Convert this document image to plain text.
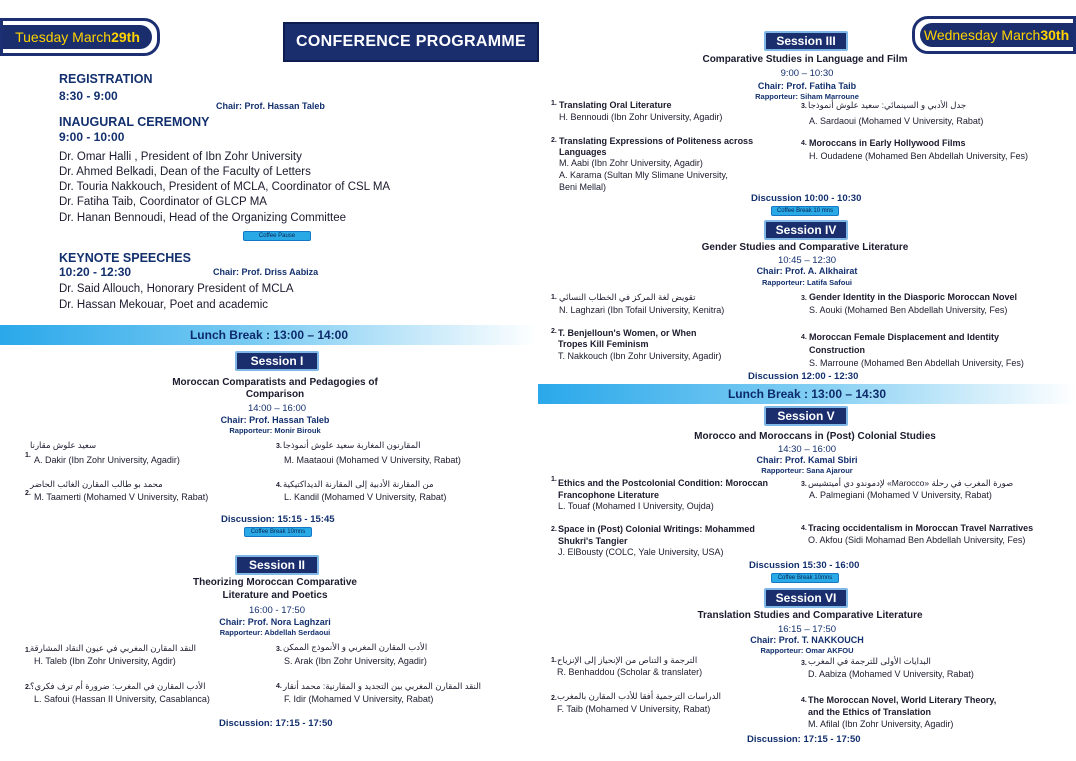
Tuesday March 29th	CONFERENCE PROGRAMME	Wednesday March 30th
REGISTRATION
8:30 - 9:00
Chair: Prof. Hassan Taleb
INAUGURAL CEREMONY
9:00 - 10:00
Dr. Omar Halli , President of Ibn Zohr University
Dr. Ahmed Belkadi, Dean of the Faculty of Letters
Dr. Touria Nakkouch, President of MCLA, Coordinator of CSL MA
Dr. Fatiha Taib, Coordinator of GLCP MA
Dr. Hanan Bennoudi, Head of the Organizing Committee
Coffee Pause
KEYNOTE SPEECHES
10:20 - 12:30	Chair: Prof. Driss Aabiza
Dr. Said Allouch, Honorary President of MCLA
Dr. Hassan Mekouar, Poet and academic
Lunch Break : 13:00 – 14:00
Session I
Moroccan Comparatists and Pedagogies of
Comparison
14:00 – 16:00
Chair: Prof. Hassan Taleb
Rapporteur: Monir Birouk
1.
سعيد علوش مقارنا
A. Dakir (Ibn Zohr University, Agadir)
3. المقارنون المغاربة سعيد علوش أنموذجا
M. Maataoui (Mohamed V University, Rabat)
2.
محمد بو طالب المقارن الغائب الحاضر
M. Taamerti (Mohamed V University, Rabat)
4. من المقارنة الأدبية إلى المقارنة الديداكتيكية
L. Kandil (Mohamed V University, Rabat)
Discussion: 15:15 - 15:45
Coffee Break 10mns
Session II
Theorizing Moroccan Comparative
Literature and Poetics
16:00 - 17:50
Chair: Prof. Nora Laghzari
Rapporteur: Abdellah Serdaoui
1. النقد المقارن المغربي في عيون النقاد المشارقة
H. Taleb (Ibn Zohr University, Agdir)
3. الأدب المقارن المغربي و الأنموذج الممكن
S. Arak (Ibn Zohr University, Agadir)
2. الأدب المقارن في المغرب: ضرورة أم ترف فكري؟
L. Safoui (Hassan II University, Casablanca)
4. النقد المقارن المغربي بين التجديد و المقارنية: محمد أنقار
F. Idir (Mohamed V University, Rabat)
Discussion: 17:15 - 17:50
Session III
Comparative Studies in Language and Film
9:00 – 10:30
Chair: Prof. Fatiha Taib
Rapporteur: Siham Marroune
1. Translating Oral Literature
H. Bennoudi (Ibn Zohr University, Agadir)
3. جدل الأدبي و السينمائي: سعيد علوش أنموذجا
A. Sardaoui (Mohamed V University, Rabat)
2. Translating Expressions of Politeness across
Languages
M. Aabi (Ibn Zohr University, Agadir)
A. Karama (Sultan Mly Slimane University,
Beni Mellal)
4. Moroccans in Early Hollywood Films
H. Oudadene (Mohamed Ben Abdellah University, Fes)
Discussion 10:00 - 10:30
Coffee Break 10 mns
Session IV
Gender Studies and Comparative Literature
10:45 – 12:30
Chair: Prof. A. Alkhairat
Rapporteur: Latifa Safoui
1. تقويض لغة المركز في الخطاب النسائي
N. Laghzari (Ibn Tofail University, Kenitra)
3. Gender Identity in the Diasporic Moroccan Novel
S. Aouki (Mohamed Ben Abdellah University, Fes)
2. T. Benjelloun's Women, or When
Tropes Kill Feminism
T. Nakkouch (Ibn Zohr University, Agadir)
4. Moroccan Female Displacement and Identity
Construction
S. Marroune (Mohamed Ben Abdellah University, Fes)
Discussion 12:00 - 12:30
Lunch Break : 13:00 – 14:30
Session V
Morocco and Moroccans in (Post) Colonial Studies
14:30 – 16:00
Chair: Prof. Kamal Sbiri
Rapporteur: Sana Ajarour
1. Ethics and the Postcolonial Condition: Moroccan
Francophone Literature
L. Touaf (Mohamed I University, Oujda)
3. صورة المغرب في رحلة «Marocco» لإدموندو دي أميتشيس
A. Palmegiani (Mohamed V University, Rabat)
2. Space in (Post) Colonial Writings: Mohammed
Shukri's Tangier
J. ElBousty (COLC, Yale University, USA)
4. Tracing occidentalism in Moroccan Travel Narratives
O. Akfou (Sidi Mohamad Ben Abdellah University, Fes)
Discussion 15:30 - 16:00
Coffee Break 10mns
Session VI
Translation Studies and Comparative Literature
16:15 – 17:50
Chair: Prof. T. NAKKOUCH
Rapporteur: Omar AKFOU
1. الترجمة و التناص من الإنحياز إلى الإنزياح
R. Benhaddou (Scholar & translater)
3. البدايات الأولى للترجمة في المغرب
D. Aabiza (Mohamed V University, Rabat)
2. الدراسات الترجمية أفقا للأدب المقارن بالمغرب
F. Taib (Mohamed V University, Rabat)
4. The Moroccan Novel, World Literary Theory,
and the Ethics of Translation
M. Afilal (Ibn Zohr University, Agadir)
Discussion: 17:15 - 17:50
